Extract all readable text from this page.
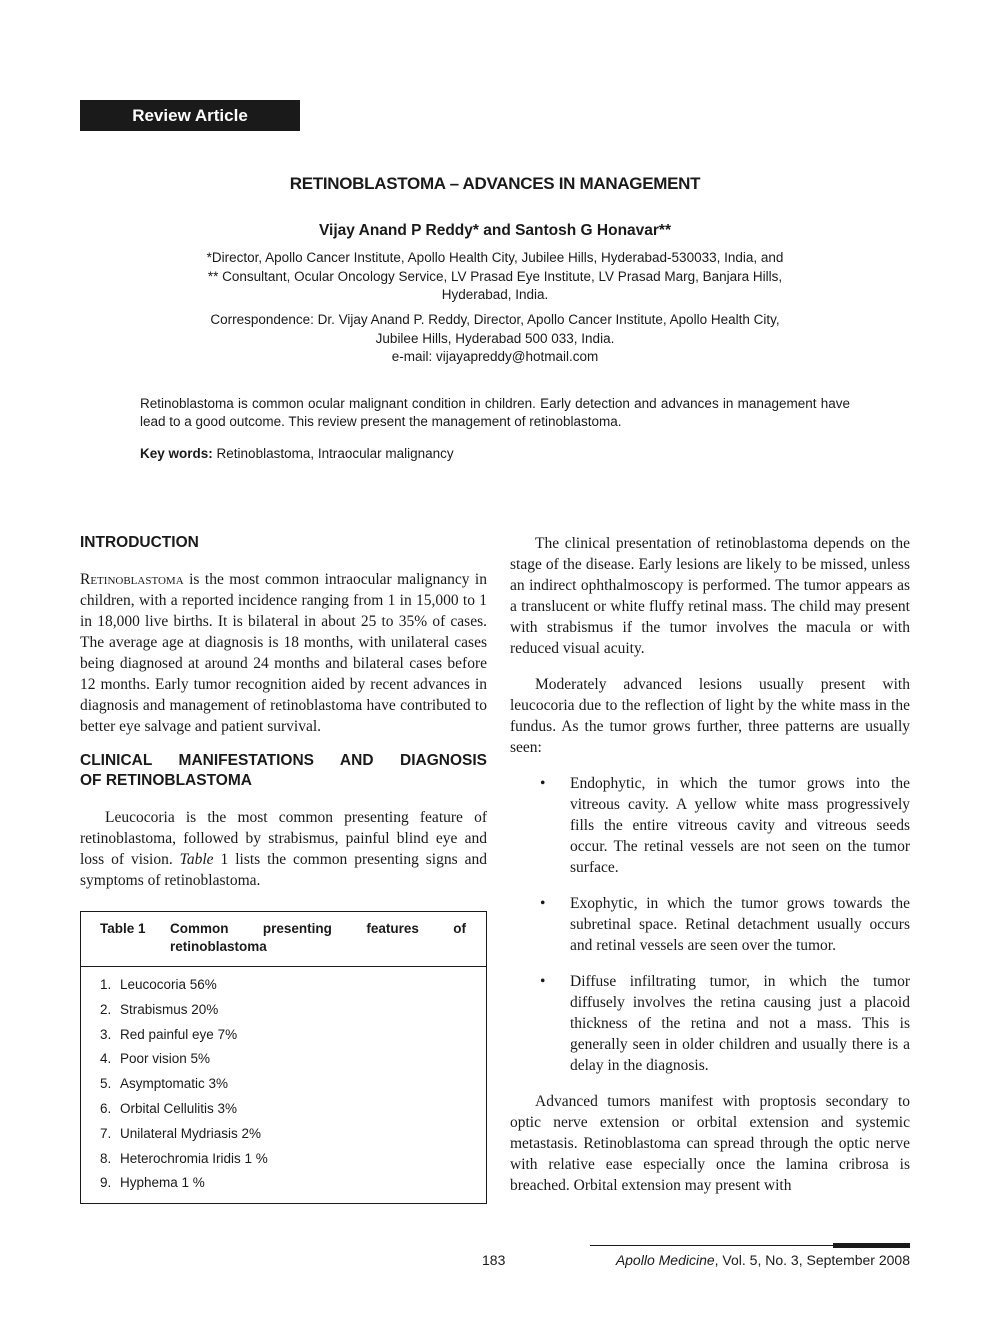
Review Article
RETINOBLASTOMA – ADVANCES IN MANAGEMENT
Vijay Anand P Reddy* and Santosh G Honavar**
*Director, Apollo Cancer Institute, Apollo Health City, Jubilee Hills, Hyderabad-530033, India, and
** Consultant, Ocular Oncology Service, LV Prasad Eye Institute, LV Prasad Marg, Banjara Hills,
Hyderabad, India.
Correspondence: Dr. Vijay Anand P. Reddy, Director, Apollo Cancer Institute, Apollo Health City,
Jubilee Hills, Hyderabad 500 033, India.
e-mail: vijayapreddy@hotmail.com
Retinoblastoma is common ocular malignant condition in children. Early detection and advances in management have lead to a good outcome. This review present the management of retinoblastoma.
Key words: Retinoblastoma, Intraocular malignancy
INTRODUCTION

Retinoblastoma is the most common intraocular malignancy in children, with a reported incidence ranging from 1 in 15,000 to 1 in 18,000 live births. It is bilateral in about 25 to 35% of cases. The average age at diagnosis is 18 months, with unilateral cases being diagnosed at around 24 months and bilateral cases before 12 months. Early tumor recognition aided by recent advances in diagnosis and management of retinoblastoma have contributed to better eye salvage and patient survival.

CLINICAL MANIFESTATIONS AND DIAGNOSIS
OF RETINOBLASTOMA

Leucocoria is the most common presenting feature of retinoblastoma, followed by strabismus, painful blind eye and loss of vision. Table 1 lists the common presenting signs and symptoms of retinoblastoma.

Table 1	Common presenting features of
retinoblastoma
1. Leucocoria 56%
2. Strabismus 20%
3. Red painful eye 7%
4. Poor vision 5%
5. Asymptomatic 3%
6. Orbital Cellulitis 3%
7. Unilateral Mydriasis 2%
8. Heterochromia Iridis 1 %
9. Hyphema 1 %

The clinical presentation of retinoblastoma depends on the stage of the disease. Early lesions are likely to be missed, unless an indirect ophthalmoscopy is performed. The tumor appears as a translucent or white fluffy retinal mass. The child may present with strabismus if the tumor involves the macula or with reduced visual acuity.

Moderately advanced lesions usually present with leucocoria due to the reflection of light by the white mass in the fundus. As the tumor grows further, three patterns are usually seen:

•	Endophytic, in which the tumor grows into the vitreous cavity. A yellow white mass progressively fills the entire vitreous cavity and vitreous seeds occur. The retinal vessels are not seen on the tumor surface.
•	Exophytic, in which the tumor grows towards the subretinal space. Retinal detachment usually occurs and retinal vessels are seen over the tumor.
•	Diffuse infiltrating tumor, in which the tumor diffusely involves the retina causing just a placoid thickness of the retina and not a mass. This is generally seen in older children and usually there is a delay in the diagnosis.

Advanced tumors manifest with proptosis secondary to optic nerve extension or orbital extension and systemic metastasis. Retinoblastoma can spread through the optic nerve with relative ease especially once the lamina cribrosa is breached. Orbital extension may present with

183	Apollo Medicine, Vol. 5, No. 3, September 2008
